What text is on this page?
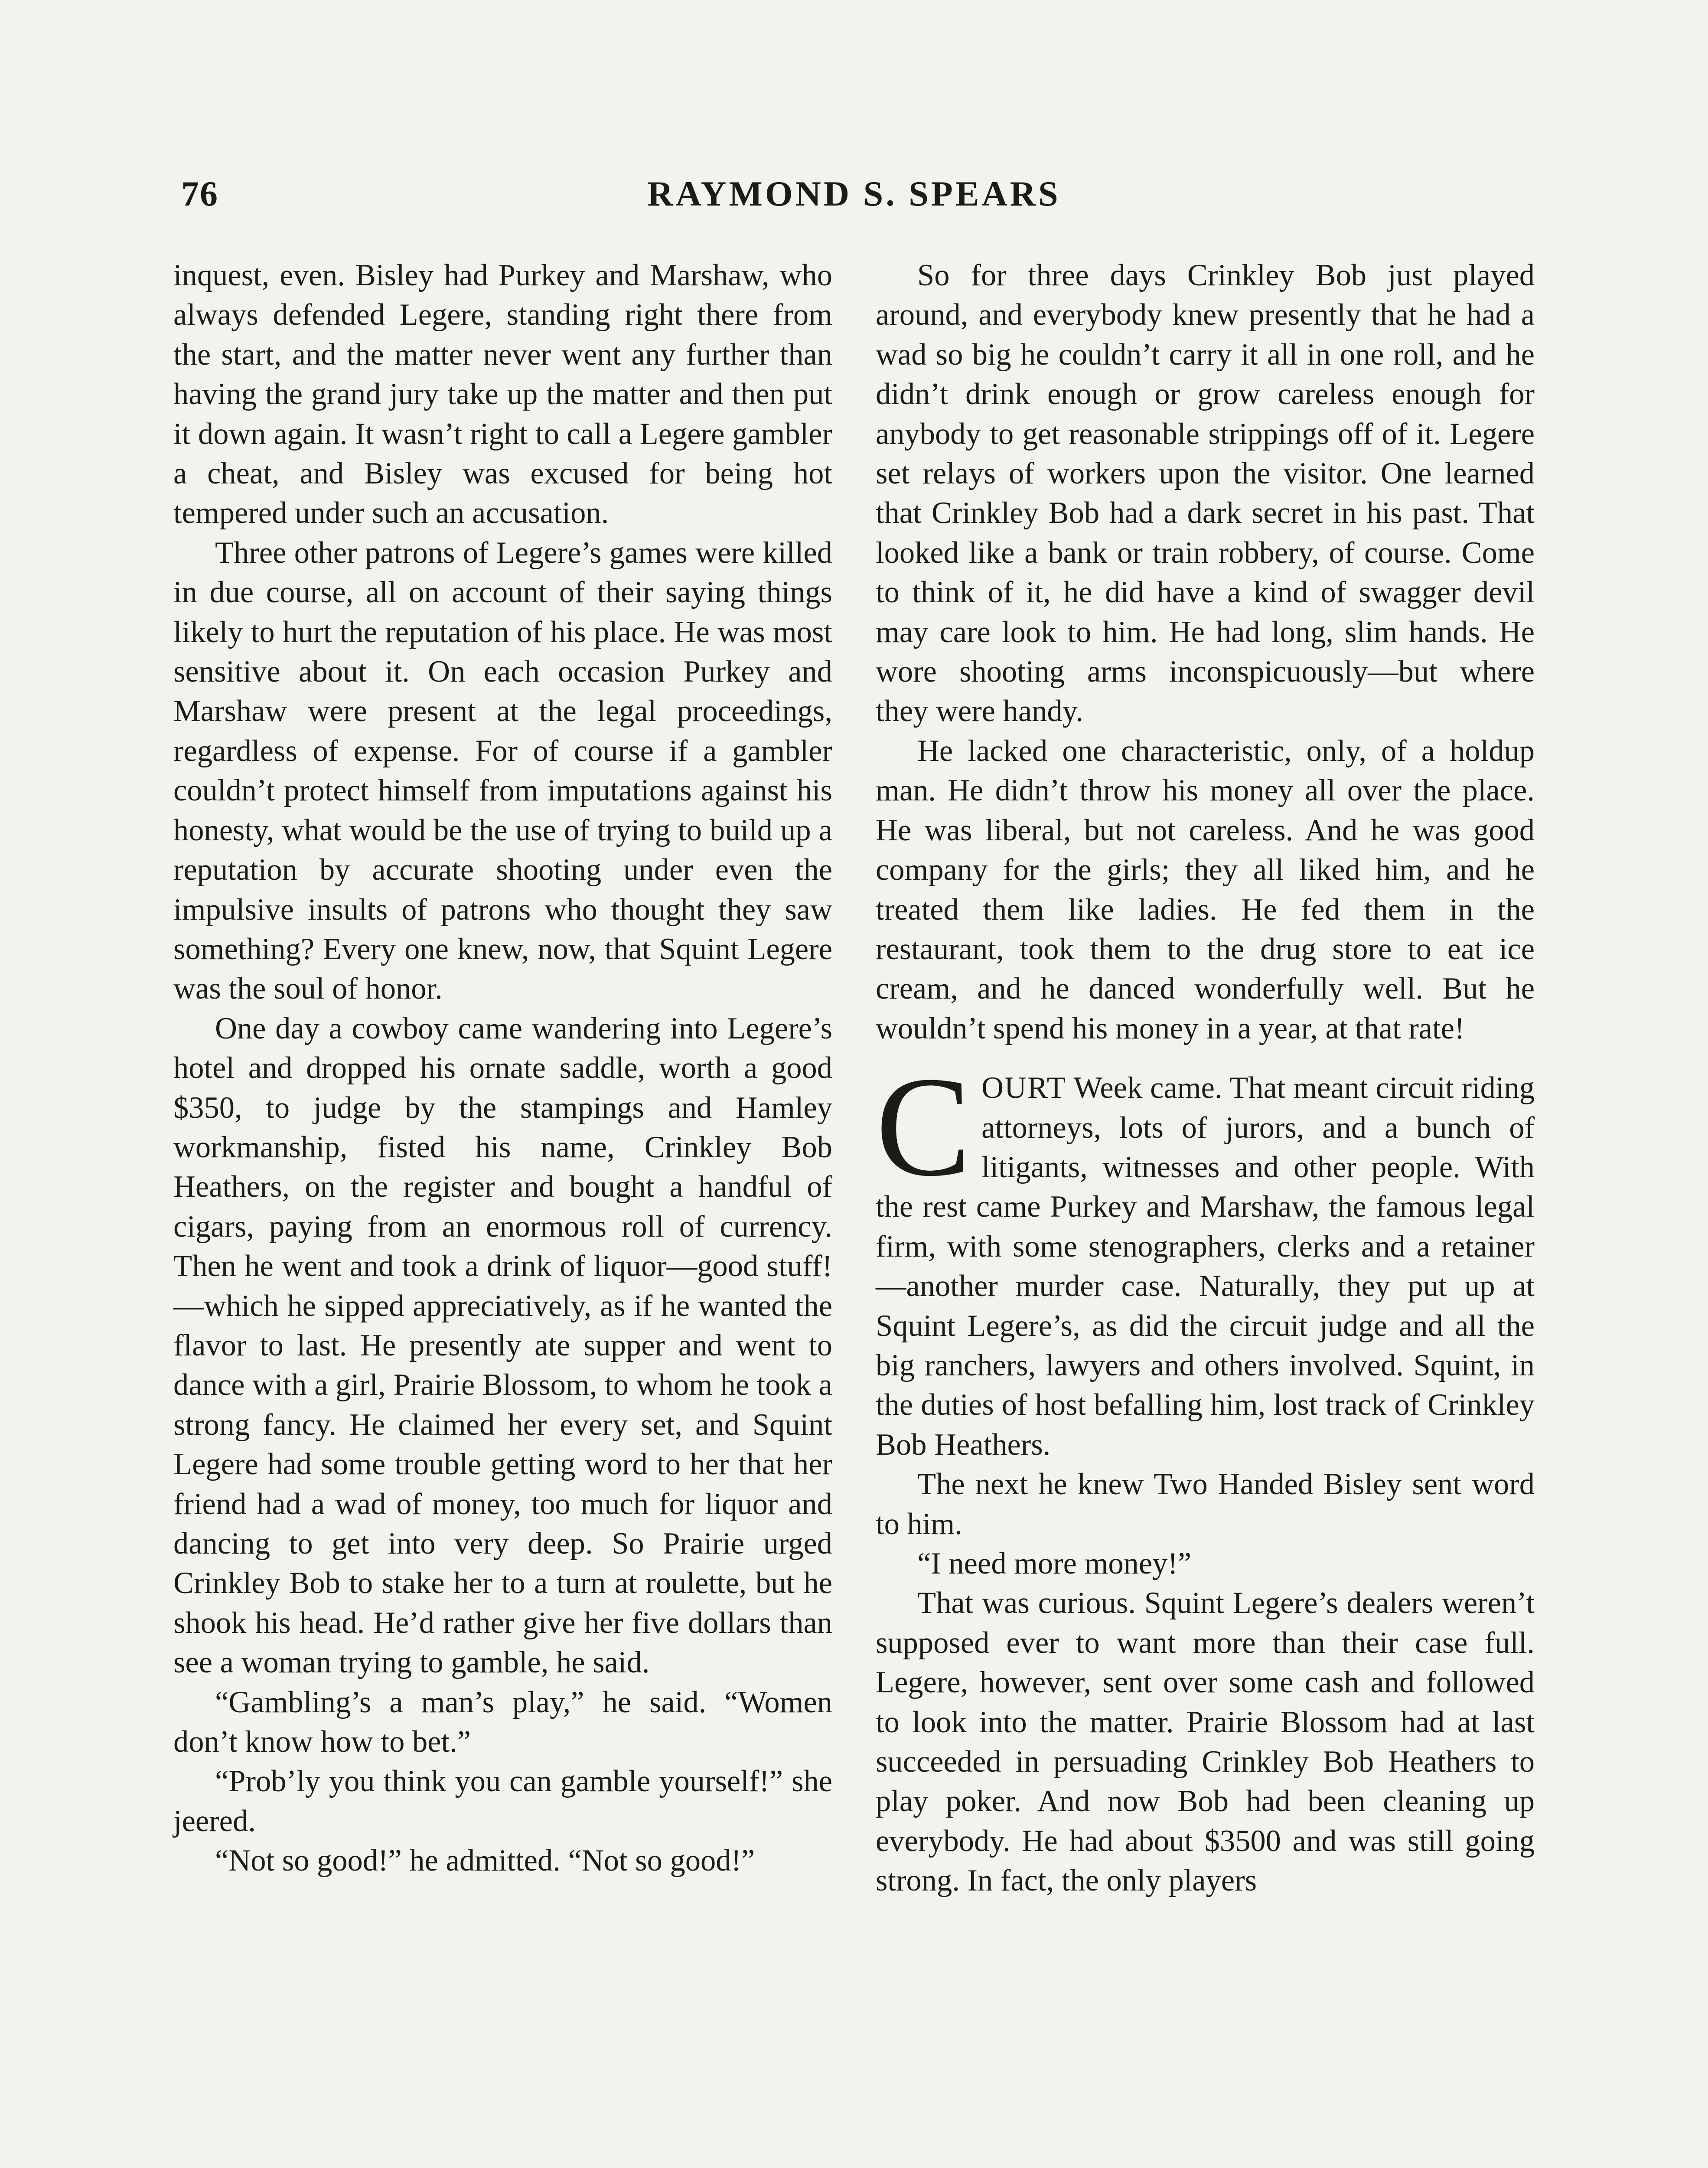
76	RAYMOND S. SPEARS

inquest, even. Bisley had Purkey and Marshaw, who always defended Legere, standing right there from the start, and the matter never went any further than having the grand jury take up the matter and then put it down again. It wasn’t right to call a Legere gambler a cheat, and Bisley was excused for being hot tempered under such an accusation.

Three other patrons of Legere’s games were killed in due course, all on account of their saying things likely to hurt the reputation of his place. He was most sensitive about it. On each occasion Purkey and Marshaw were present at the legal proceedings, regardless of expense. For of course if a gambler couldn’t protect himself from imputations against his honesty, what would be the use of trying to build up a reputation by accurate shooting under even the impulsive insults of patrons who thought they saw something? Every one knew, now, that Squint Legere was the soul of honor.

One day a cowboy came wandering into Legere’s hotel and dropped his ornate saddle, worth a good $350, to judge by the stampings and Hamley workmanship, fisted his name, Crinkley Bob Heathers, on the register and bought a handful of cigars, paying from an enormous roll of currency. Then he went and took a drink of liquor—good stuff!—which he sipped appreciatively, as if he wanted the flavor to last. He presently ate supper and went to dance with a girl, Prairie Blossom, to whom he took a strong fancy. He claimed her every set, and Squint Legere had some trouble getting word to her that her friend had a wad of money, too much for liquor and dancing to get into very deep. So Prairie urged Crinkley Bob to stake her to a turn at roulette, but he shook his head. He’d rather give her five dollars than see a woman trying to gamble, he said.

“Gambling’s a man’s play,” he said. “Women don’t know how to bet.”

“Prob’ly you think you can gamble yourself!” she jeered.

“Not so good!” he admitted. “Not so good!”

So for three days Crinkley Bob just played around, and everybody knew presently that he had a wad so big he couldn’t carry it all in one roll, and he didn’t drink enough or grow careless enough for anybody to get reasonable strippings off of it. Legere set relays of workers upon the visitor. One learned that Crinkley Bob had a dark secret in his past. That looked like a bank or train robbery, of course. Come to think of it, he did have a kind of swagger devil may care look to him. He had long, slim hands. He wore shooting arms inconspicuously—but where they were handy.

He lacked one characteristic, only, of a holdup man. He didn’t throw his money all over the place. He was liberal, but not careless. And he was good company for the girls; they all liked him, and he treated them like ladies. He fed them in the restaurant, took them to the drug store to eat ice cream, and he danced wonderfully well. But he wouldn’t spend his money in a year, at that rate!

COURT Week came. That meant circuit riding attorneys, lots of jurors, and a bunch of litigants, witnesses and other people. With the rest came Purkey and Marshaw, the famous legal firm, with some stenographers, clerks and a retainer—another murder case. Naturally, they put up at Squint Legere’s, as did the circuit judge and all the big ranchers, lawyers and others involved. Squint, in the duties of host befalling him, lost track of Crinkley Bob Heathers.

The next he knew Two Handed Bisley sent word to him.

“I need more money!”

That was curious. Squint Legere’s dealers weren’t supposed ever to want more than their case full. Legere, however, sent over some cash and followed to look into the matter. Prairie Blossom had at last succeeded in persuading Crinkley Bob Heathers to play poker. And now Bob had been cleaning up everybody. He had about $3500 and was still going strong. In fact, the only players
